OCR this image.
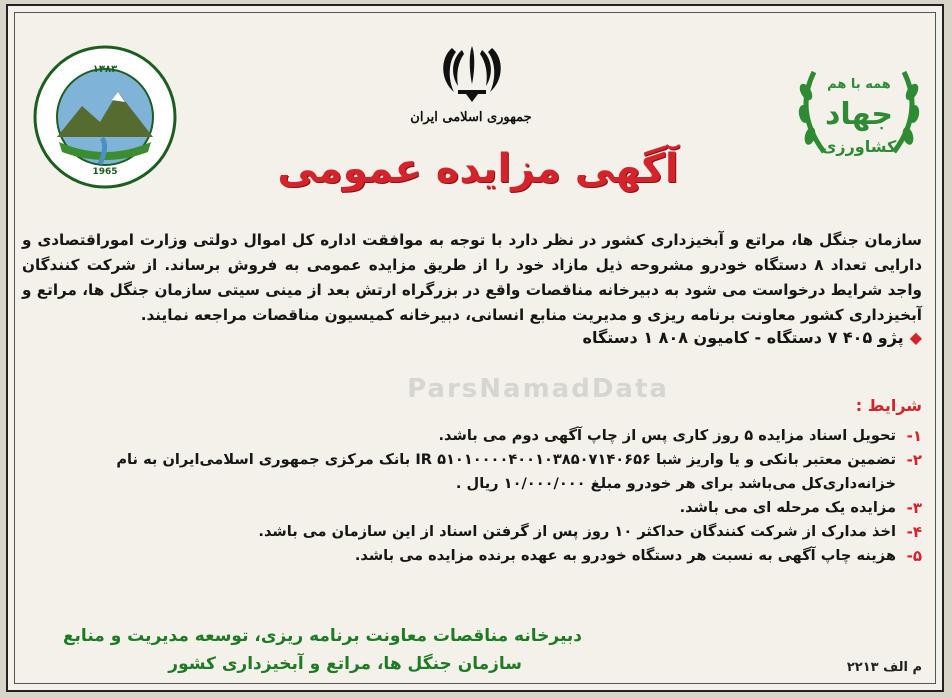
جمهوری اسلامی ایران
۱۳۸۳
1965
همه با هم
جهاد
کشاورزی
آگهی مزایده عمومی
ParsNamadData
سازمان جنگل ها، مراتع و آبخیزداری کشور در نظر دارد با توجه به موافقت اداره کل اموال دولتی وزارت اموراقتصادی و دارایی تعداد ۸ دستگاه خودرو مشروحه ذیل مازاد خود را از طریق مزایده عمومی به فروش برساند. از شرکت کنندگان واجد شرایط درخواست می شود به دبیرخانه مناقصات واقع در بزرگراه ارتش بعد از مینی سیتی سازمان جنگل ها، مراتع و آبخیزداری کشور معاونت برنامه ریزی و مدیریت منابع انسانی، دبیرخانه کمیسیون مناقصات مراجعه نمایند.
◆پژو ۴۰۵ ۷ دستگاه - کامیون ۸۰۸ ۱ دستگاه
شرایط :
۱-
تحویل اسناد مزایده ۵ روز کاری پس از چاپ آگهی دوم می باشد.
۲-
تضمین معتبر بانکی و یا واریز شبا IR ۵۱۰۱۰۰۰۰۴۰۰۱۰۳۸۵۰۷۱۴۰۶۵۶ بانک مرکزی جمهوری اسلامی‌ایران به نام خزانه‌داری‌کل می‌باشد برای هر خودرو مبلغ ۱۰/۰۰۰/۰۰۰ ریال .
۳-
مزایده یک مرحله ای می باشد.
۴-
اخذ مدارک از شرکت کنندگان حداکثر ۱۰ روز پس از گرفتن اسناد از این سازمان می باشد.
۵-
هزینه چاپ آگهی به نسبت هر دستگاه خودرو به عهده برنده مزایده می باشد.
دبیرخانه مناقصات معاونت برنامه ریزی، توسعه مدیریت و منابع
سازمان جنگل ها، مراتع و آبخیزداری کشور	م الف ۲۲۱۳
